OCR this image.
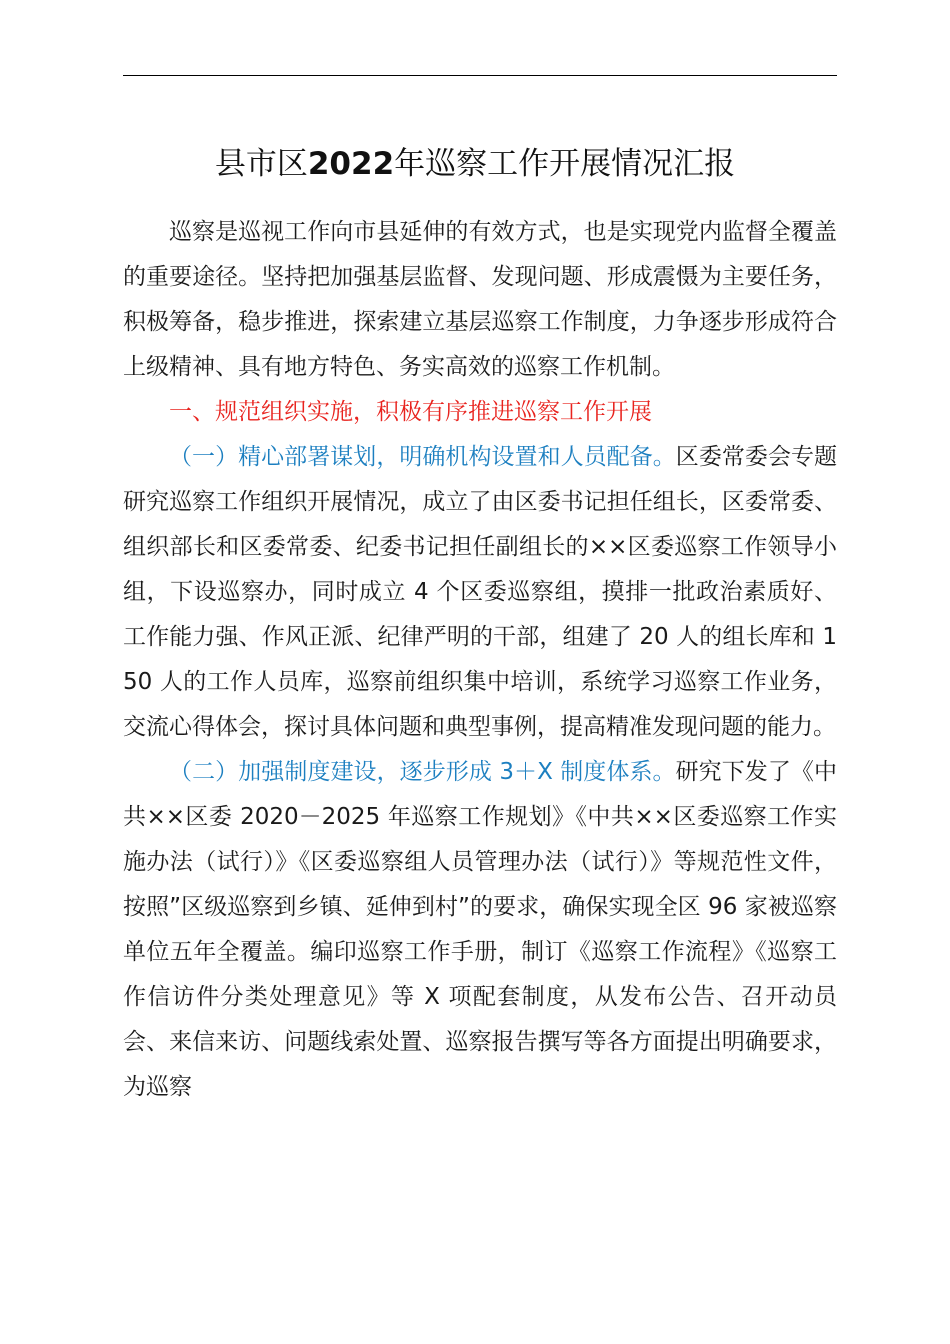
县市区2022年巡察工作开展情况汇报

巡察是巡视工作向市县延伸的有效方式，也是实现党内监督全覆盖的重要途径。坚持把加强基层监督、发现问题、形成震慑为主要任务，积极筹备，稳步推进，探索建立基层巡察工作制度，力争逐步形成符合上级精神、具有地方特色、务实高效的巡察工作机制。

一、规范组织实施，积极有序推进巡察工作开展

（一）精心部署谋划，明确机构设置和人员配备。区委常委会专题研究巡察工作组织开展情况，成立了由区委书记担任组长，区委常委、组织部长和区委常委、纪委书记担任副组长的××区委巡察工作领导小组，下设巡察办，同时成立 4 个区委巡察组，摸排一批政治素质好、工作能力强、作风正派、纪律严明的干部，组建了 20 人的组长库和 150 人的工作人员库，巡察前组织集中培训，系统学习巡察工作业务，交流心得体会，探讨具体问题和典型事例，提高精准发现问题的能力。

（二）加强制度建设，逐步形成 3＋X 制度体系。研究下发了《中共××区委 2020－2025 年巡察工作规划》《中共××区委巡察工作实施办法（试行）》《区委巡察组人员管理办法（试行）》等规范性文件，按照”区级巡察到乡镇、延伸到村”的要求，确保实现全区 96 家被巡察单位五年全覆盖。编印巡察工作手册，制订《巡察工作流程》《巡察工作信访件分类处理意见》等 X 项配套制度，从发布公告、召开动员会、来信来访、问题线索处置、巡察报告撰写等各方面提出明确要求，为巡察
